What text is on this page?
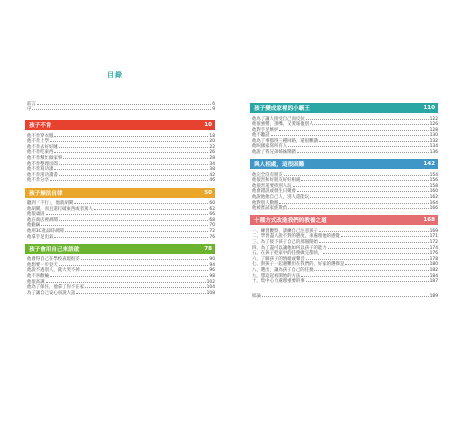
目錄
前言	6
序	9
孩子不肯	10
他不肯穿衣服	18
他不肯上學	20
他不肯去好好睡	22
他不肯吃東西	26
他不肯幫忙做家事	28
他不肯整理房間	34
他不肯寫功課	38
他不肯用功讀書	42
他不肯分享	46
孩子無法自律	50
聽到「不行」，他就胡鬧	60
他胡鬧，而且還打破東西或者罵人	62
他很頑固	66
他在商店裡胡鬧	68
他偷竊	70
他用3C產品時胡鬧	72
他拿手足出氣	76
孩子會用自己來語啟	78
他會得自己在學校表現很差	90
他想要一步登天	94
他說不過別人，就大哭不掉	96
他不喜歡輸	98
他很高調	102
他為了保住，他拿了你不在家	104
為了讓自己安心而說人話	108
孩子變成家裡的小霸王	110
他為了讓人接受自己而反抗	122
他很強勢，頂嘴，又愛報復別人	126
他對手足嫉妒	128
他不聽話	130
他為了事都得三種回路，還很難講	132
他叫國家寫所有人	134
他說了我兄弟姊妹鬧錯	136
與人相處，這很困難	142
他完全沒有朋友	154
他很害和好朋友好好相處	156
他很害羞要找別人玩	158
他會錯誤或發生日聚會	160
他說他他自己人，別人還能玩	162
他對別人動粗	164
他被嘗試家族欺負	166
十種方式改進我們的教養之道	168
一、練習觀察，訓練自己注意孩子	169
二、學習盡人說不對的態度，來處理他的感覺	171
三、為了接下孩子自己的那個開始	172
四、為了盡可以讓他如何以孩子的能力	174
五、在孩子把家中的任務做完都快，	176
六、了解孩子的情緒或聲音	178
七、與孩子一起避難但在我們的，好家的選擇是	180
八、選出，讓為孩子自己的任務	182
九、想這起看開始的方法	184
十、集中心力處理重要的事	187
結論	189
